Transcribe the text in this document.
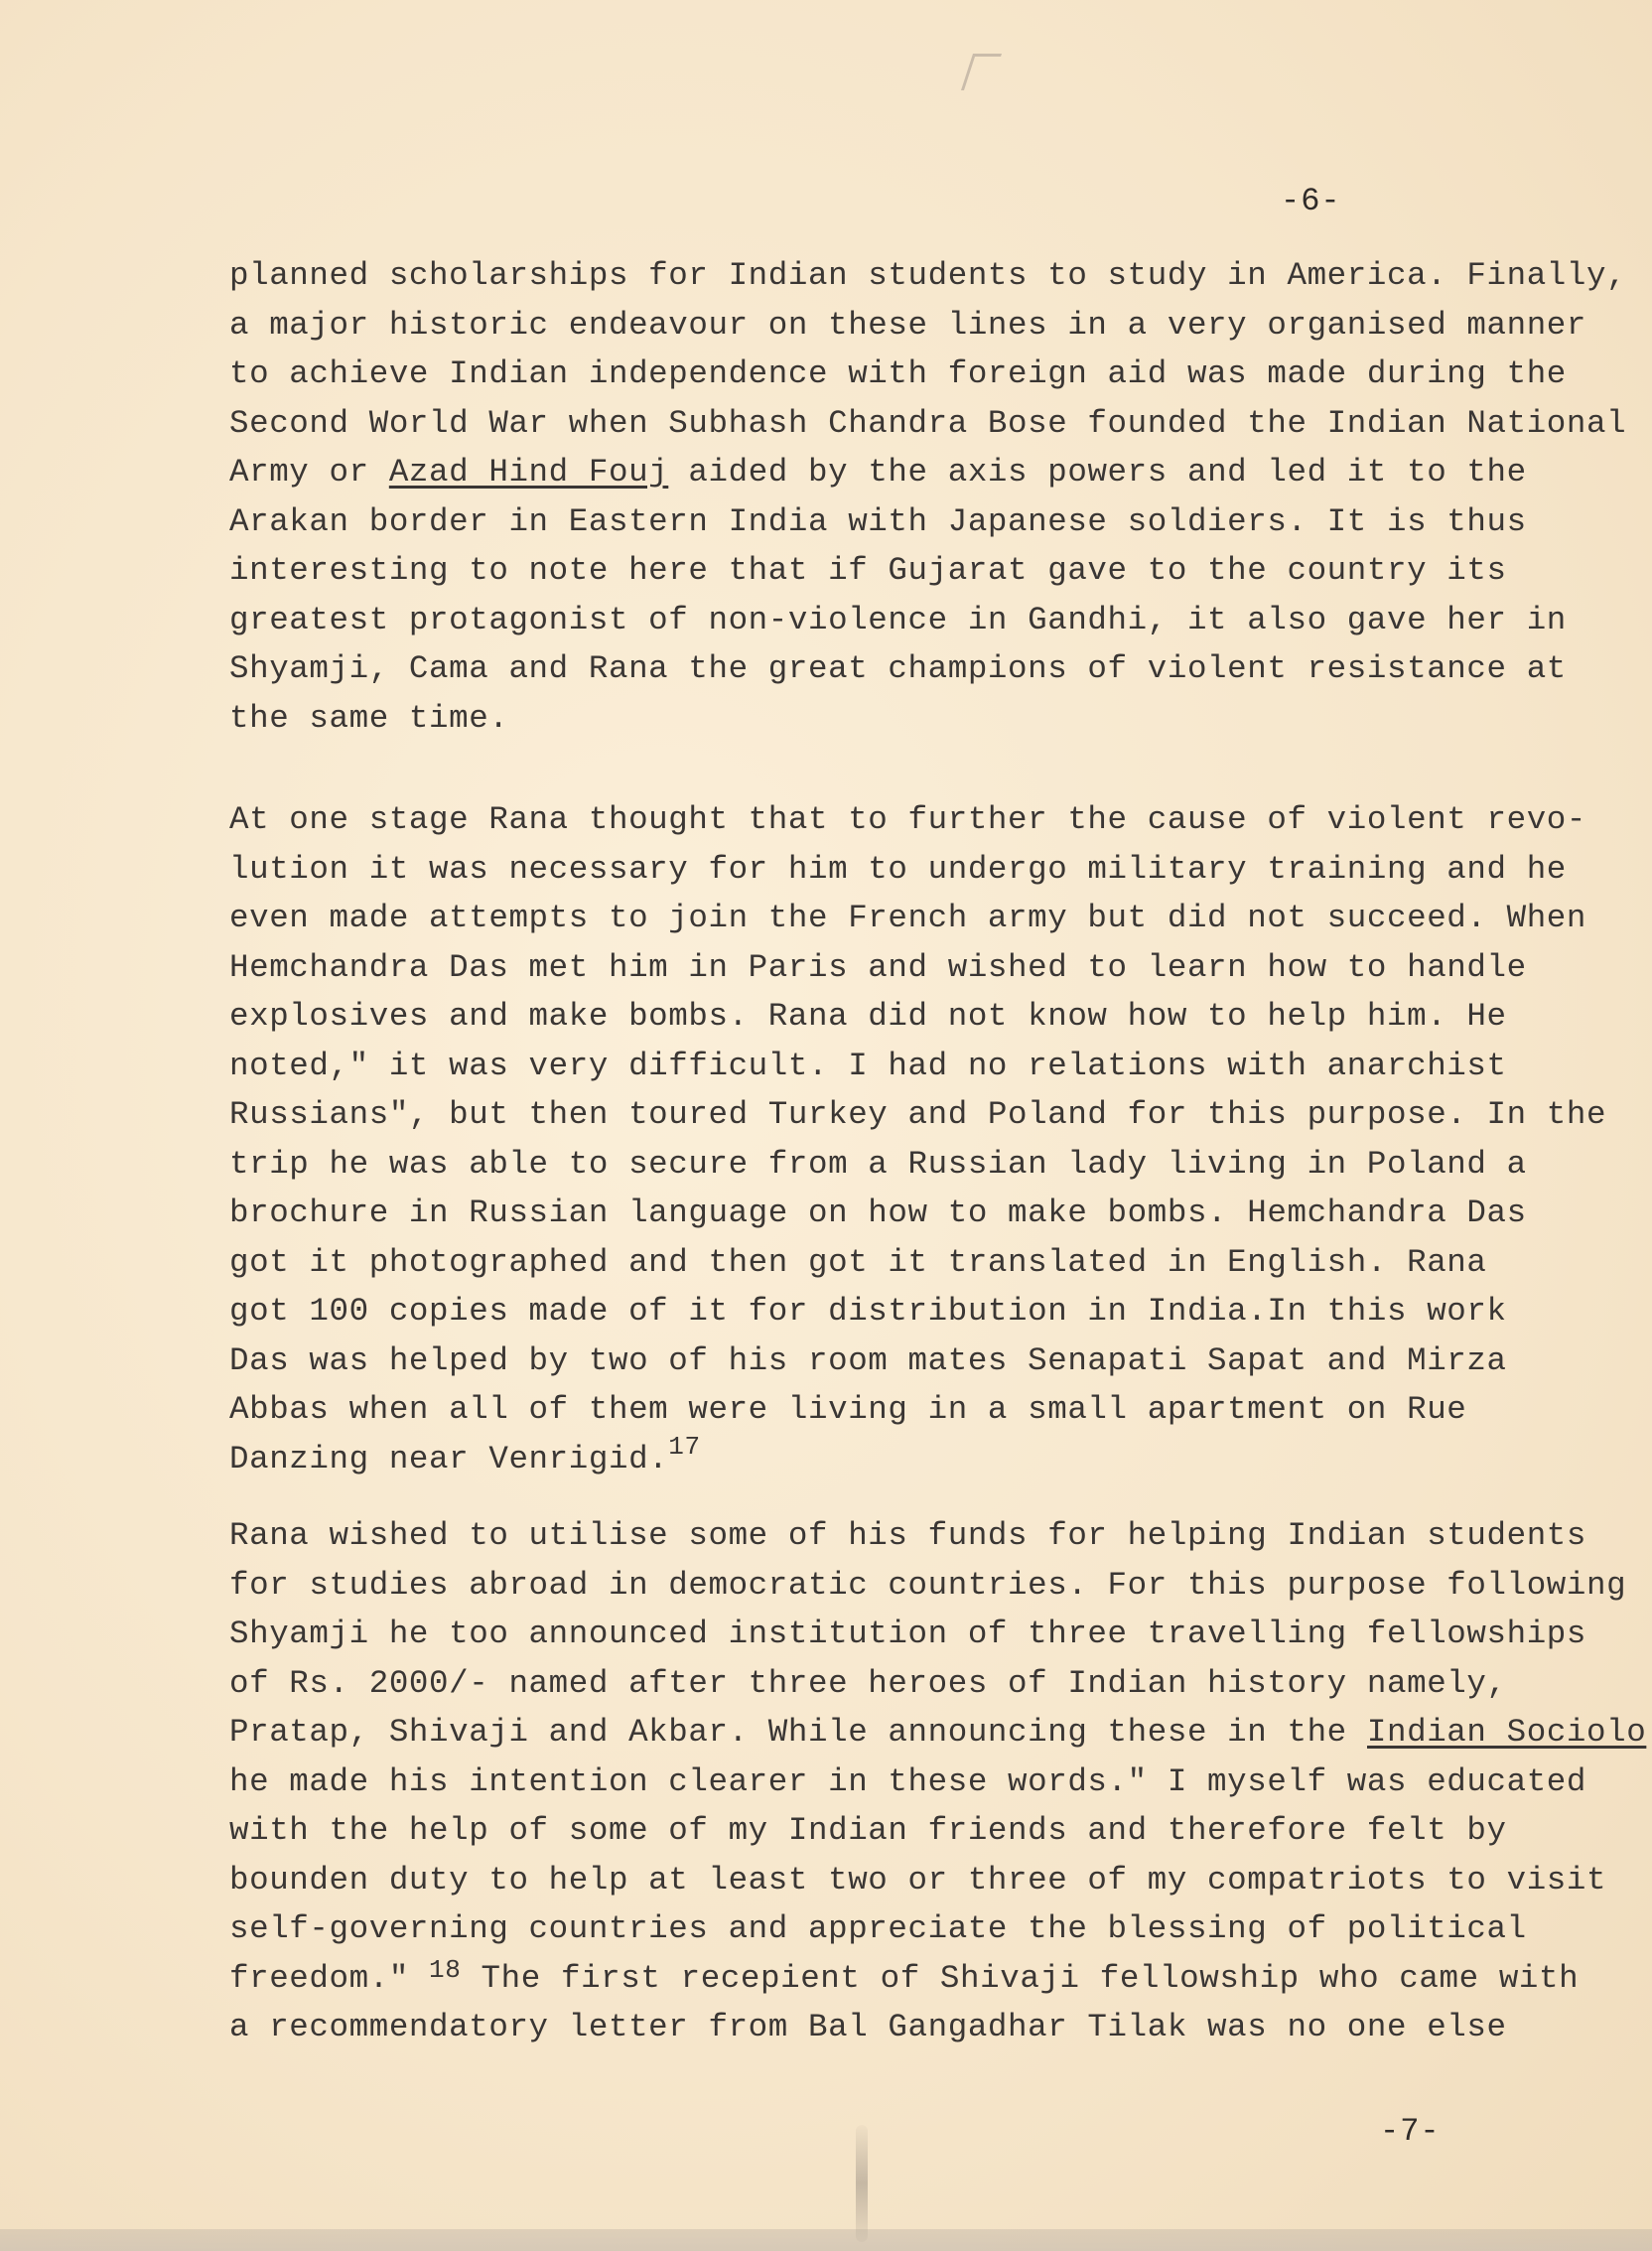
-6-
planned scholarships for Indian students to study in America. Finally,
a major historic endeavour on these lines in a very organised manner
to achieve Indian independence with foreign aid was made during the
Second World War when Subhash Chandra Bose founded the Indian National
Army or Azad Hind Fouj aided by the axis powers and led it to the
Arakan border in Eastern India with Japanese soldiers. It is thus
interesting to note here that if Gujarat gave to the country its
greatest protagonist of non-violence in Gandhi, it also gave her in
Shyamji, Cama and Rana the great champions of violent resistance at
the same time.
At one stage Rana thought that to further the cause of violent revo-
lution it was necessary for him to undergo military training and he
even made attempts to join the French army but did not succeed. When
Hemchandra Das met him in Paris and wished to learn how to handle
explosives and make bombs. Rana did not know how to help him. He
noted," it was very difficult. I had no relations with anarchist
Russians", but then toured Turkey and Poland for this purpose. In the
trip he was able to secure from a Russian lady living in Poland a
brochure in Russian language on how to make bombs. Hemchandra Das
got it photographed and then got it translated in English. Rana
got 100 copies made of it for distribution in India.In this work
Das was helped by two of his room mates Senapati Sapat and Mirza
Abbas when all of them were living in a small apartment on Rue
Danzing near Venrigid.$^{17}$
Rana wished to utilise some of his funds for helping Indian students
for studies abroad in democratic countries. For this purpose following
Shyamji he too announced institution of three travelling fellowships
of Rs. 2000/- named after three heroes of Indian history namely,
Pratap, Shivaji and Akbar. While announcing these in the
he made his intention clearer in these words." I myself was educated
with the help of some of my Indian friends and therefore felt by
bounden duty to help at least two or three of my compatriots to visit
self-governing countries and appreciate the blessing of political
freedom." $^{18}$ The first recepient of Shivaji fellowship who came with
a recommendatory letter from Bal Gangadhar Tilak was no one else
Indian Sociolo
-7-
